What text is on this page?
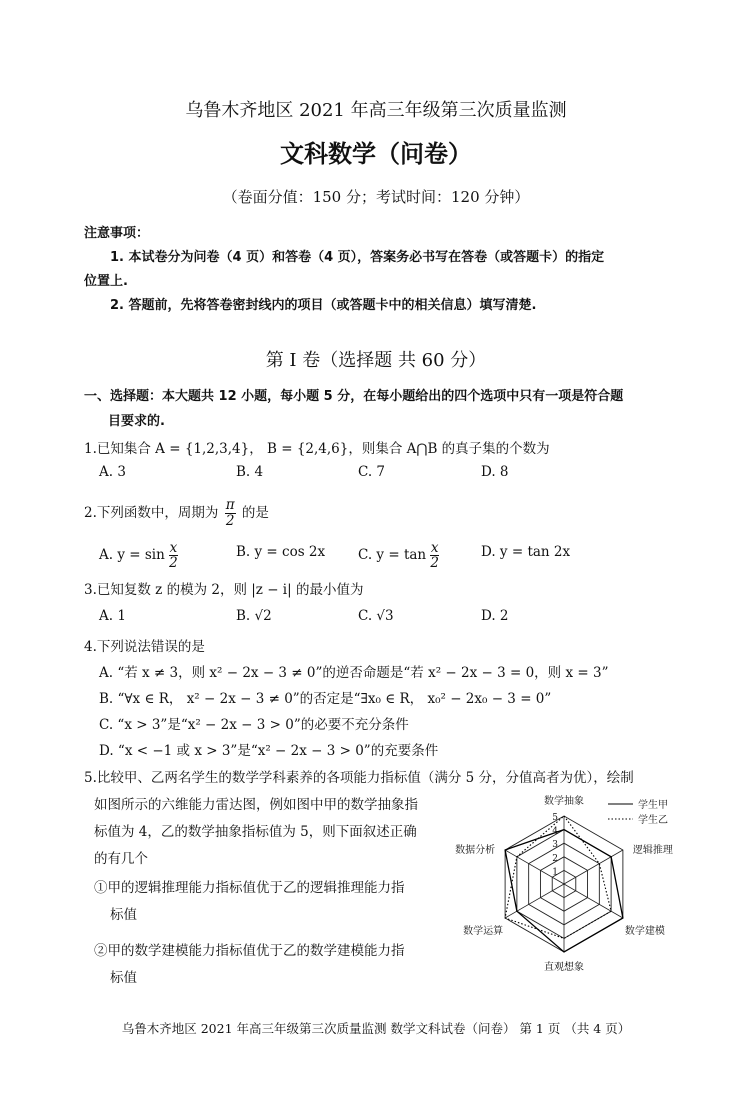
乌鲁木齐地区 2021 年高三年级第三次质量监测
文科数学（问卷）
（卷面分值：150 分；考试时间：120 分钟）
注意事项：
1. 本试卷分为问卷（4 页）和答卷（4 页），答案务必书写在答卷（或答题卡）的指定
位置上.
2. 答题前，先将答卷密封线内的项目（或答题卡中的相关信息）填写清楚.
第 I 卷（选择题 共 60 分）
一、选择题：本大题共 12 小题，每小题 5 分，在每小题给出的四个选项中只有一项是符合题
目要求的.
1.已知集合 A = {1,2,3,4}， B = {2,4,6}，则集合 A⋂B 的真子集的个数为
A. 3	B. 4	C. 7	D. 8
2.下列函数中，周期为 $\frac{\pi}{2}$ 的是
A. $y = \sin \frac{x}{2}$	B. y = cos 2x C. $y = \tan \frac{x}{2}$	D. y = tan 2x
3.已知复数 z 的模为 2，则 |z − i| 的最小值为
A. 1	B. √2	C. √3	D. 2
4.下列说法错误的是
A. “若 x ≠ 3，则 x² − 2x − 3 ≠ 0”的逆否命题是“若 x² − 2x − 3 = 0，则 x = 3”
B. “∀x ∈ R， x² − 2x − 3 ≠ 0”的否定是“∃x₀ ∈ R， x₀² − 2x₀ − 3 = 0”
C. “x > 3”是“x² − 2x − 3 > 0”的必要不充分条件
D. “x < −1 或 x > 3”是“x² − 2x − 3 > 0”的充要条件
5.比较甲、乙两名学生的数学学科素养的各项能力指标值（满分 5 分，分值高者为优），绘制
如图所示的六维能力雷达图，例如图中甲的数学抽象指
标值为 4，乙的数学抽象指标值为 5，则下面叙述正确
的有几个
①甲的逻辑推理能力指标值优于乙的逻辑推理能力指
标值
②甲的数学建模能力指标值优于乙的数学建模能力指
标值
1
2
3
4
5
数学抽象
逻辑推理
数学建模
直观想象
数学运算
数据分析
学生甲
学生乙
乌鲁木齐地区 2021 年高三年级第三次质量监测 数学文科试卷（问卷） 第 1 页 （共 4 页）
